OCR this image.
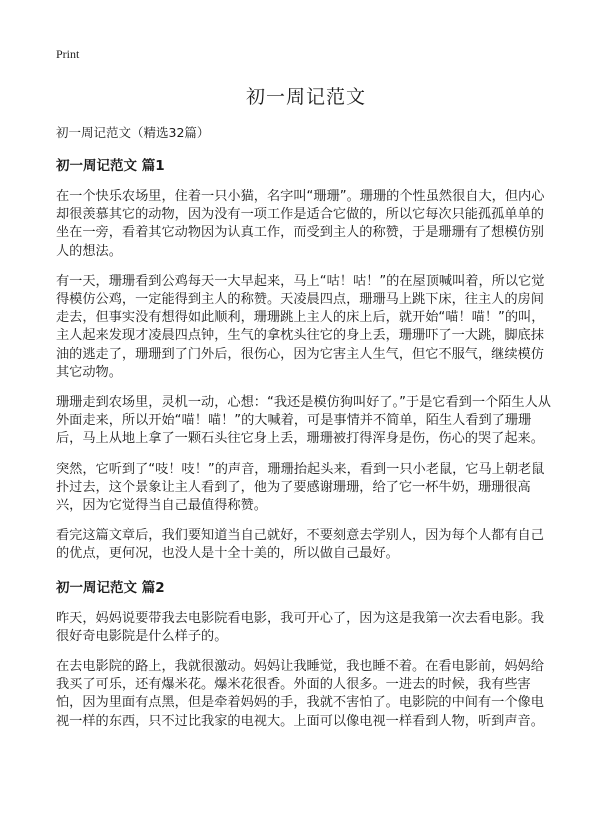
Print
初一周记范文

初一周记范文（精选32篇）

初一周记范文 篇1

在一个快乐农场里，住着一只小猫，名字叫“珊珊”。珊珊的个性虽然很自大，但内心却很羡慕其它的动物，因为没有一项工作是适合它做的，所以它每次只能孤孤单单的坐在一旁，看着其它动物因为认真工作，而受到主人的称赞，于是珊珊有了想模仿别人的想法。

有一天，珊珊看到公鸡每天一大早起来，马上“咕！咕！”的在屋顶喊叫着，所以它觉得模仿公鸡，一定能得到主人的称赞。天凌晨四点，珊珊马上跳下床，往主人的房间走去，但事实没有想得如此顺利，珊珊跳上主人的床上后，就开始“喵！喵！”的叫，主人起来发现才凌晨四点钟，生气的拿枕头往它的身上丢，珊珊吓了一大跳，脚底抹油的逃走了，珊珊到了门外后，很伤心，因为它害主人生气，但它不服气，继续模仿其它动物。

珊珊走到农场里，灵机一动，心想：“我还是模仿狗叫好了。”于是它看到一个陌生人从外面走来，所以开始“喵！喵！”的大喊着，可是事情并不简单，陌生人看到了珊珊后，马上从地上拿了一颗石头往它身上丢，珊珊被打得浑身是伤，伤心的哭了起来。

突然，它听到了“吱！吱！”的声音，珊珊抬起头来，看到一只小老鼠，它马上朝老鼠扑过去，这个景象让主人看到了，他为了要感谢珊珊，给了它一杯牛奶，珊珊很高兴，因为它觉得当自己最值得称赞。

看完这篇文章后，我们要知道当自己就好，不要刻意去学别人，因为每个人都有自己的优点，更何况，也没人是十全十美的，所以做自己最好。

初一周记范文 篇2

昨天，妈妈说要带我去电影院看电影，我可开心了，因为这是我第一次去看电影。我很好奇电影院是什么样子的。

在去电影院的路上，我就很激动。妈妈让我睡觉，我也睡不着。在看电影前，妈妈给我买了可乐，还有爆米花。爆米花很香。外面的人很多。一进去的时候，我有些害怕，因为里面有点黑，但是牵着妈妈的手，我就不害怕了。电影院的中间有一个像电视一样的东西，只不过比我家的电视大。上面可以像电视一样看到人物，听到声音。
